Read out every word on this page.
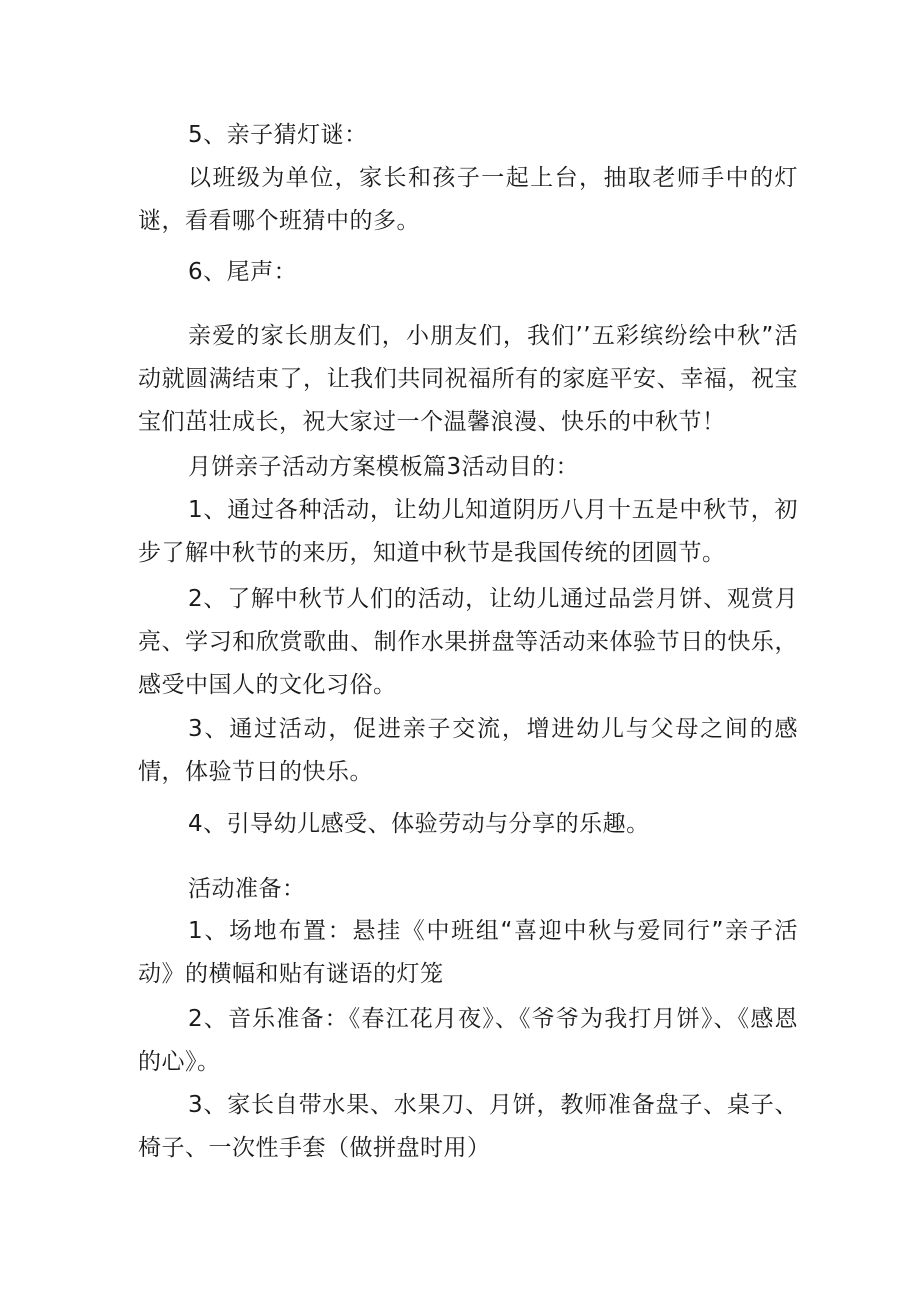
5、亲子猜灯谜：

以班级为单位，家长和孩子一起上台，抽取老师手中的灯谜，看看哪个班猜中的多。

6、尾声：

亲爱的家长朋友们，小朋友们，我们’’五彩缤纷绘中秋”活动就圆满结束了，让我们共同祝福所有的家庭平安、幸福，祝宝宝们茁壮成长，祝大家过一个温馨浪漫、快乐的中秋节！

月饼亲子活动方案模板篇3活动目的：

1、通过各种活动，让幼儿知道阴历八月十五是中秋节，初步了解中秋节的来历，知道中秋节是我国传统的团圆节。

2、了解中秋节人们的活动，让幼儿通过品尝月饼、观赏月亮、学习和欣赏歌曲、制作水果拼盘等活动来体验节日的快乐，感受中国人的文化习俗。

3、通过活动，促进亲子交流，增进幼儿与父母之间的感情，体验节日的快乐。

4、引导幼儿感受、体验劳动与分享的乐趣。

活动准备：

1、场地布置：悬挂《中班组“喜迎中秋与爱同行”亲子活动》的横幅和贴有谜语的灯笼

2、音乐准备：《春江花月夜》、《爷爷为我打月饼》、《感恩的心》。

3、家长自带水果、水果刀、月饼，教师准备盘子、桌子、椅子、一次性手套（做拼盘时用）
